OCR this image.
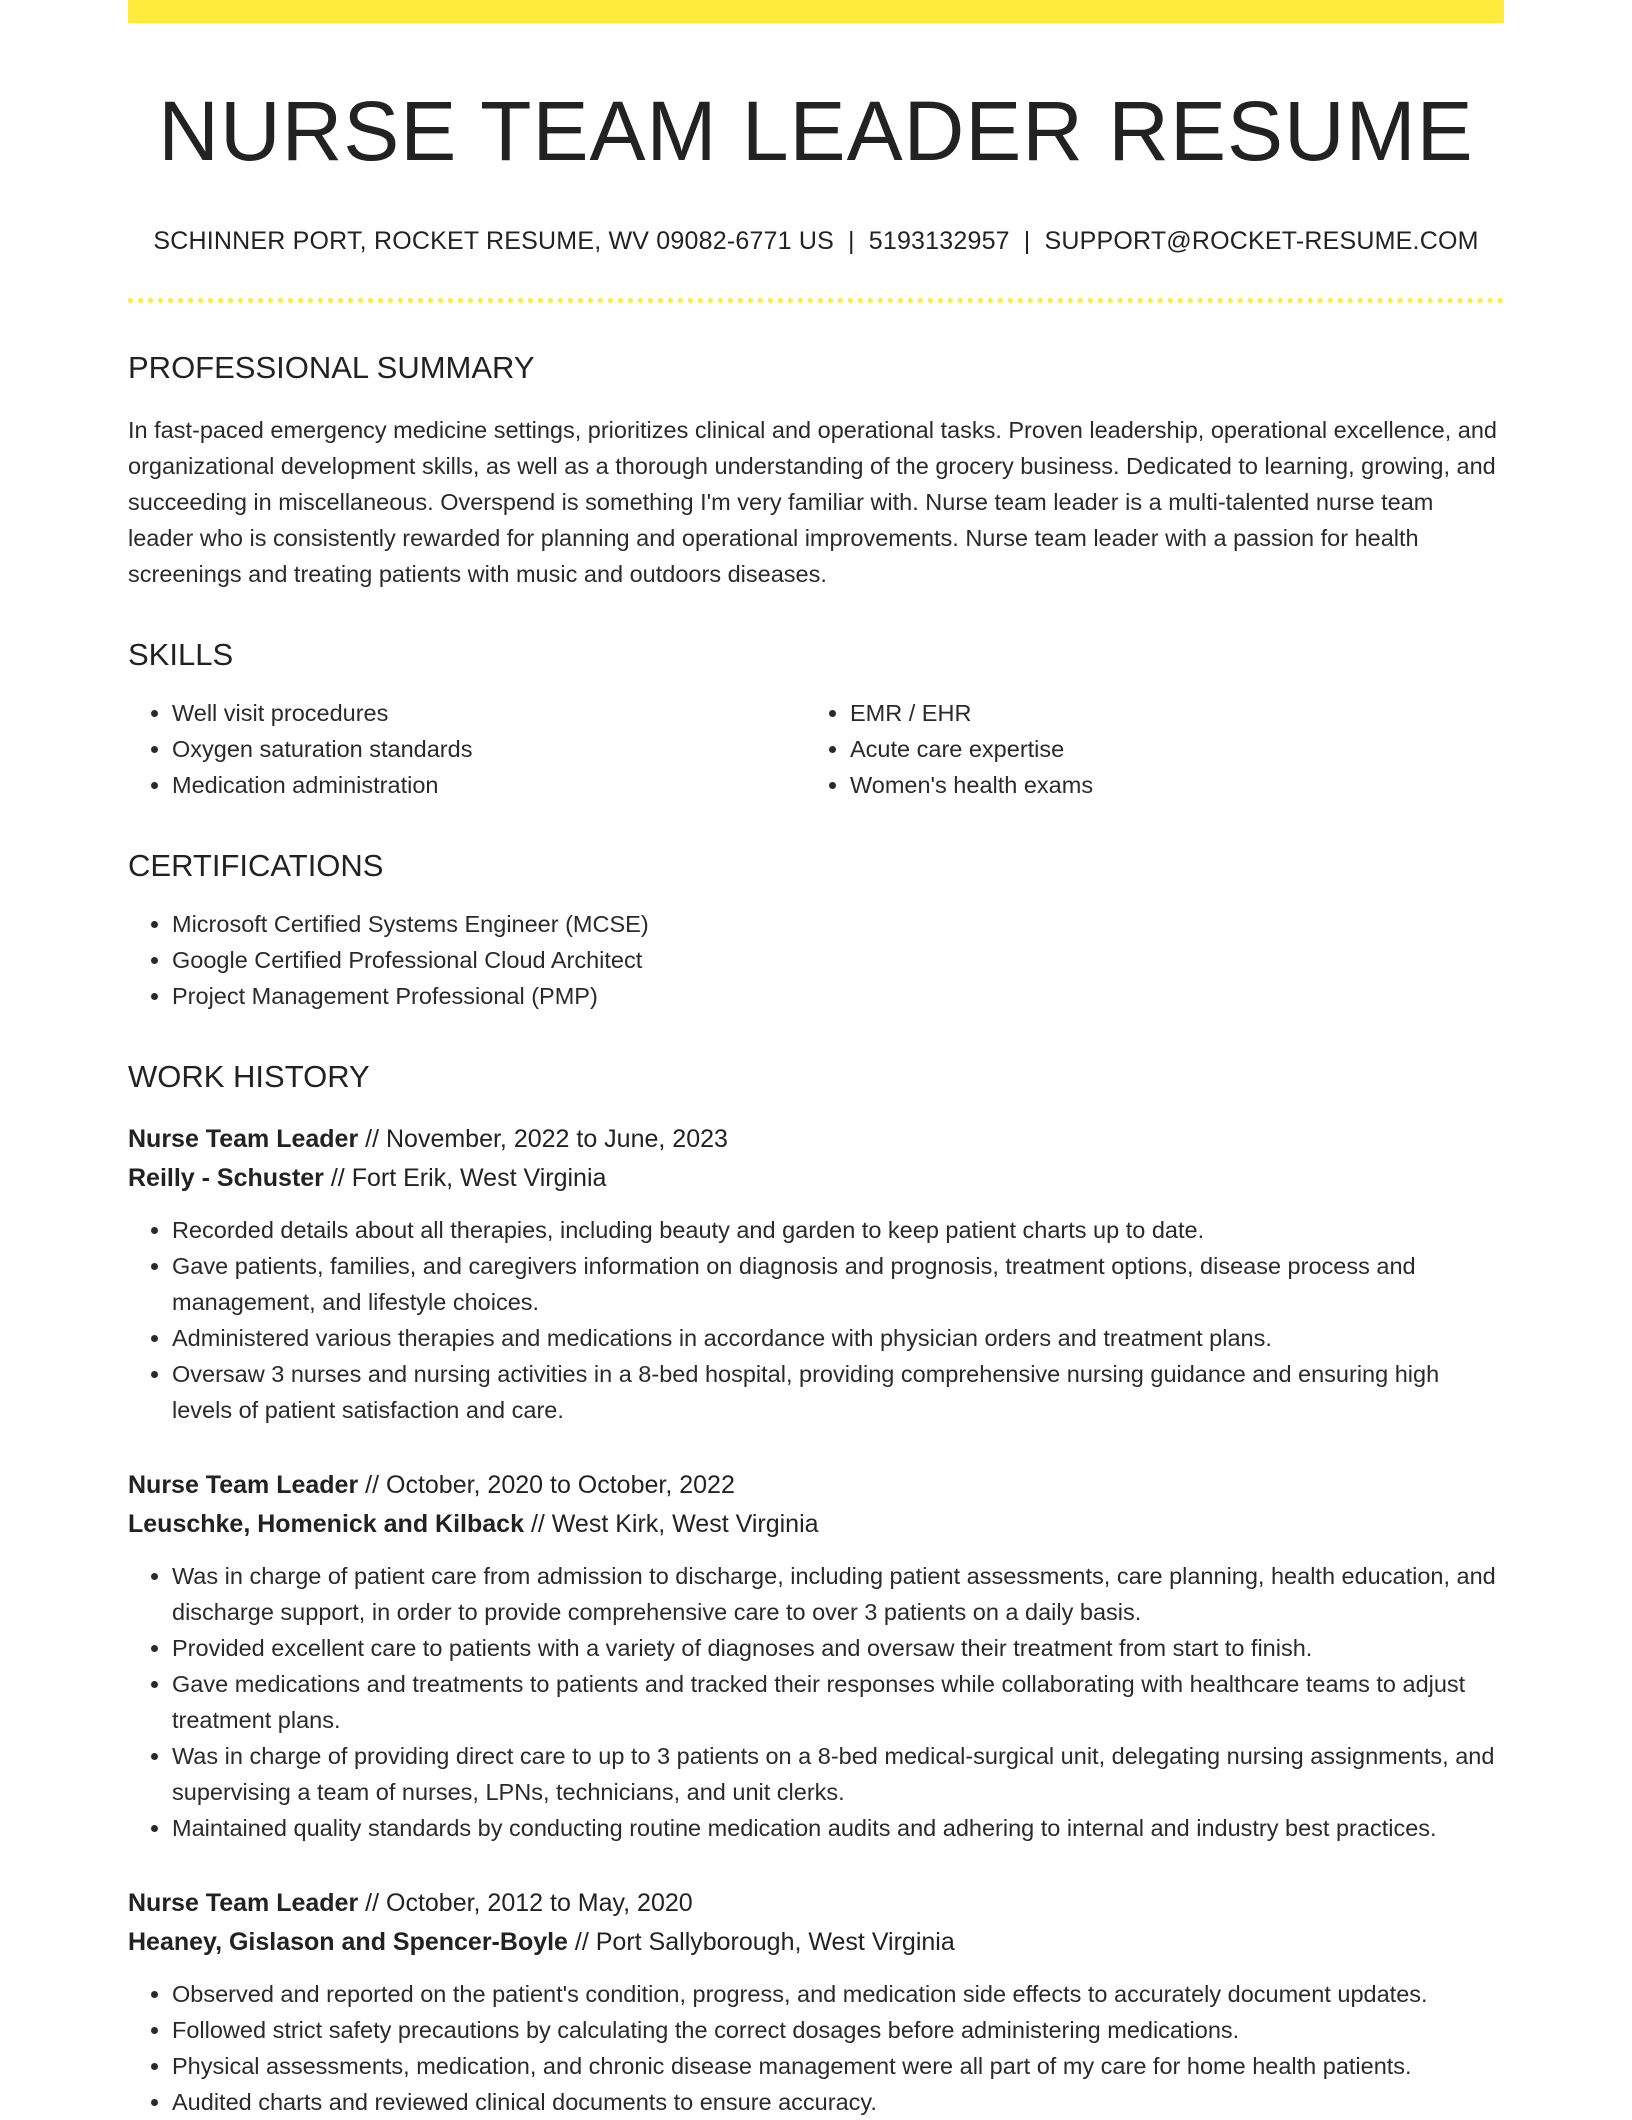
NURSE TEAM LEADER RESUME
SCHINNER PORT, ROCKET RESUME, WV 09082-6771 US | 5193132957 | SUPPORT@ROCKET-RESUME.COM
PROFESSIONAL SUMMARY

In fast-paced emergency medicine settings, prioritizes clinical and operational tasks. Proven leadership, operational excellence, and organizational development skills, as well as a thorough understanding of the grocery business. Dedicated to learning, growing, and succeeding in miscellaneous. Overspend is something I'm very familiar with. Nurse team leader is a multi-talented nurse team leader who is consistently rewarded for planning and operational improvements. Nurse team leader with a passion for health screenings and treating patients with music and outdoors diseases.

SKILLS
• Well visit procedures
• Oxygen saturation standards
• Medication administration
• EMR / EHR
• Acute care expertise
• Women's health exams
CERTIFICATIONS
• Microsoft Certified Systems Engineer (MCSE)
• Google Certified Professional Cloud Architect
• Project Management Professional (PMP)
WORK HISTORY
Nurse Team Leader // November, 2022 to June, 2023
Reilly - Schuster // Fort Erik, West Virginia
• Recorded details about all therapies, including beauty and garden to keep patient charts up to date.
• Gave patients, families, and caregivers information on diagnosis and prognosis, treatment options, disease process and management, and lifestyle choices.
• Administered various therapies and medications in accordance with physician orders and treatment plans.
• Oversaw 3 nurses and nursing activities in a 8-bed hospital, providing comprehensive nursing guidance and ensuring high levels of patient satisfaction and care.
Nurse Team Leader // October, 2020 to October, 2022
Leuschke, Homenick and Kilback // West Kirk, West Virginia
• Was in charge of patient care from admission to discharge, including patient assessments, care planning, health education, and discharge support, in order to provide comprehensive care to over 3 patients on a daily basis.
• Provided excellent care to patients with a variety of diagnoses and oversaw their treatment from start to finish.
• Gave medications and treatments to patients and tracked their responses while collaborating with healthcare teams to adjust treatment plans.
• Was in charge of providing direct care to up to 3 patients on a 8-bed medical-surgical unit, delegating nursing assignments, and supervising a team of nurses, LPNs, technicians, and unit clerks.
• Maintained quality standards by conducting routine medication audits and adhering to internal and industry best practices.
Nurse Team Leader // October, 2012 to May, 2020
Heaney, Gislason and Spencer-Boyle // Port Sallyborough, West Virginia
• Observed and reported on the patient's condition, progress, and medication side effects to accurately document updates.
• Followed strict safety precautions by calculating the correct dosages before administering medications.
• Physical assessments, medication, and chronic disease management were all part of my care for home health patients.
• Audited charts and reviewed clinical documents to ensure accuracy.
